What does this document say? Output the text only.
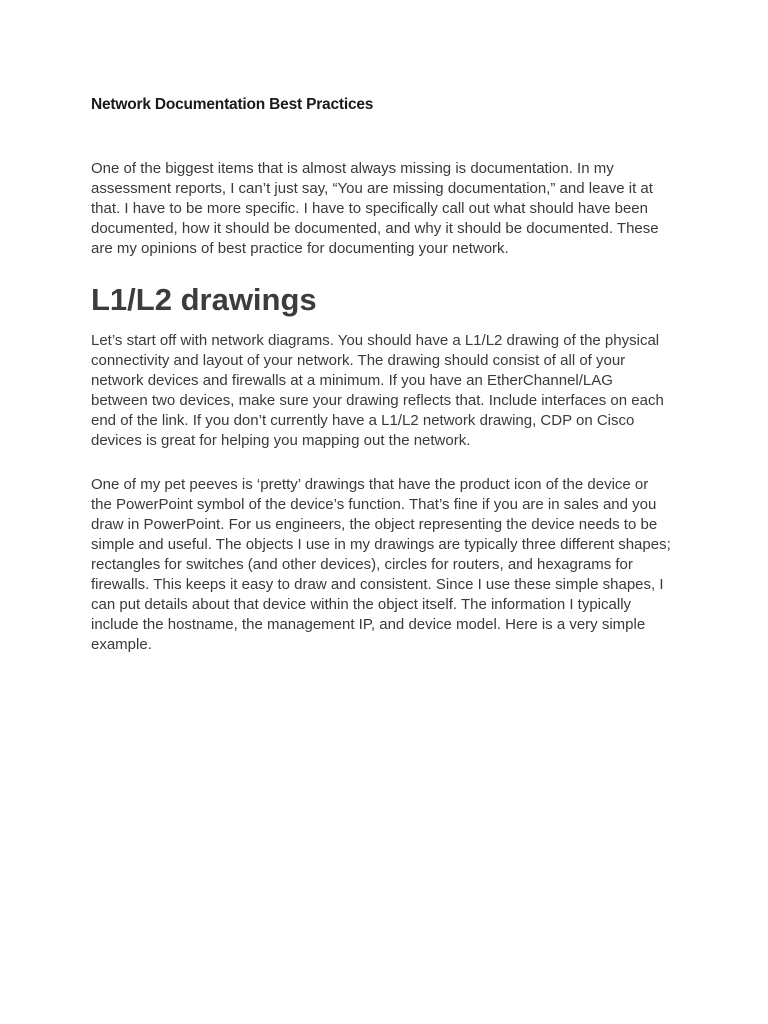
Network Documentation Best Practices

One of the biggest items that is almost always missing is documentation. In my assessment reports, I can’t just say, “You are missing documentation,” and leave it at that. I have to be more specific. I have to specifically call out what should have been documented, how it should be documented, and why it should be documented. These are my opinions of best practice for documenting your network.

L1/L2 drawings

Let’s start off with network diagrams. You should have a L1/L2 drawing of the physical connectivity and layout of your network. The drawing should consist of all of your network devices and firewalls at a minimum. If you have an EtherChannel/LAG between two devices, make sure your drawing reflects that. Include interfaces on each end of the link. If you don’t currently have a L1/L2 network drawing, CDP on Cisco devices is great for helping you mapping out the network.

One of my pet peeves is ‘pretty’ drawings that have the product icon of the device or the PowerPoint symbol of the device’s function. That’s fine if you are in sales and you draw in PowerPoint. For us engineers, the object representing the device needs to be simple and useful. The objects I use in my drawings are typically three different shapes; rectangles for switches (and other devices), circles for routers, and hexagrams for firewalls. This keeps it easy to draw and consistent. Since I use these simple shapes, I can put details about that device within the object itself. The information I typically include the hostname, the management IP, and device model. Here is a very simple example.
